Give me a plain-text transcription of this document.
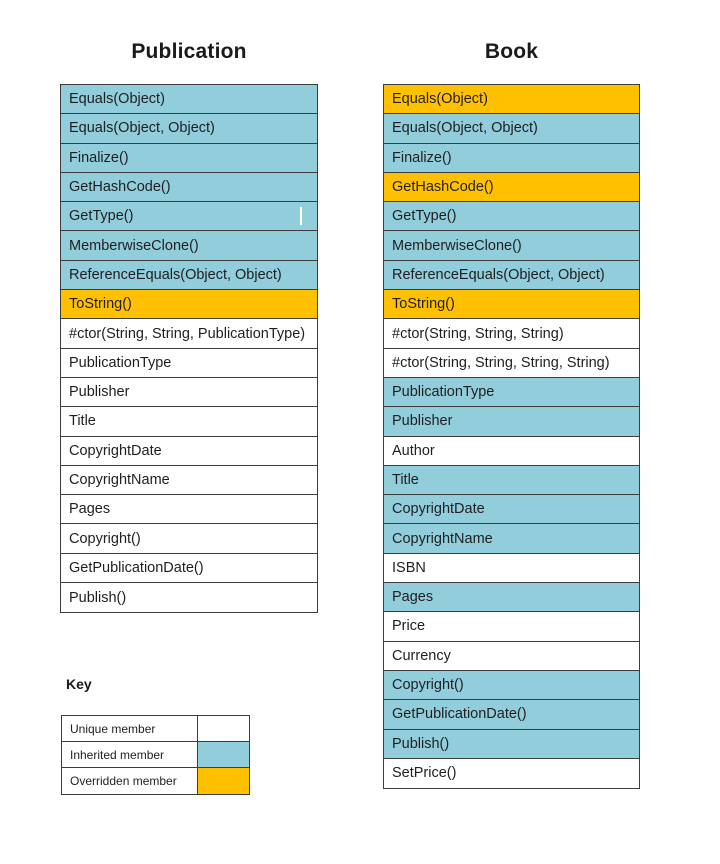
Publication	Book
Equals(Object)
Equals(Object, Object)
Finalize()
GetHashCode()
GetType()
MemberwiseClone()
ReferenceEquals(Object, Object)
ToString()
#ctor(String, String, PublicationType)
PublicationType
Publisher
Title
CopyrightDate
CopyrightName
Pages
Copyright()
GetPublicationDate()
Publish()
Equals(Object)
Equals(Object, Object)
Finalize()
GetHashCode()
GetType()
MemberwiseClone()
ReferenceEquals(Object, Object)
ToString()
#ctor(String, String, String)
#ctor(String, String, String, String)
PublicationType
Publisher
Author
Title
CopyrightDate
CopyrightName
ISBN
Pages
Price
Currency
Copyright()
GetPublicationDate()
Publish()
SetPrice()
Key
Unique member
Inherited member
Overridden member
